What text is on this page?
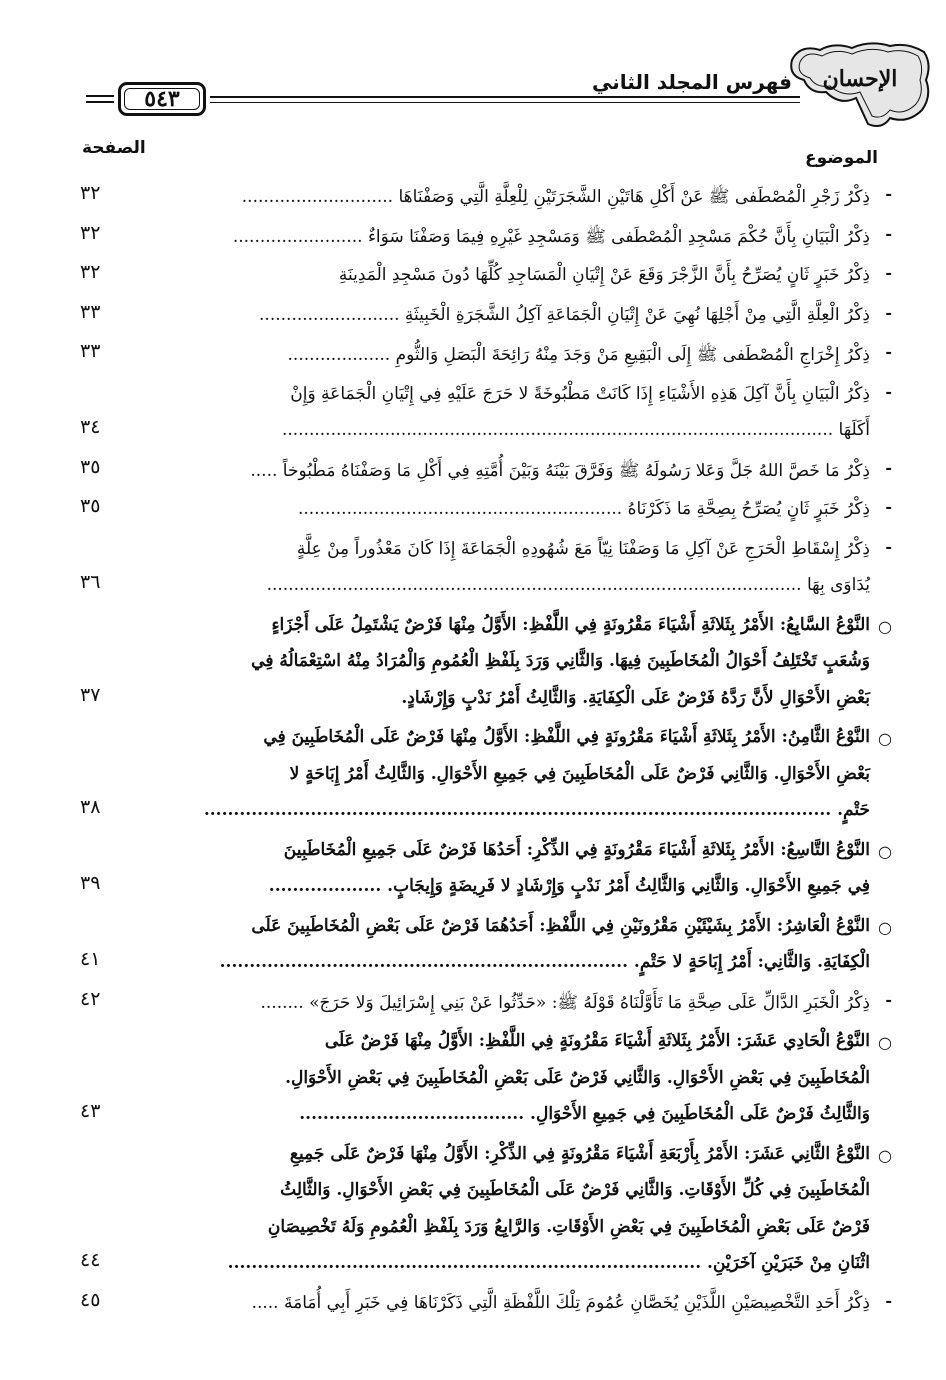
الإحسان
فهرس المجلد الثاني
٥٤٣
الصفحة	الموضوع
-
ذِكْرُ زَجْرِ الْمُصْطَفى ﷺ عَنْ أَكْلِ هَاتَيْنِ الشَّجَرَتَيْنِ لِلْعِلَّةِ الَّتِي وَصَفْنَاهَا ............................
٣٢
-
ذِكْرُ الْبَيَانِ بِأَنَّ حُكْمَ مَسْجِدِ الْمُصْطَفى ﷺ وَمَسْجِدِ غَيْرِهِ فِيمَا وَصَفْنَا سَوَاءٌ ........................
٣٢
-
ذِكْرُ خَبَرٍ ثَانٍ يُصَرِّحُ بِأَنَّ الزَّجْرَ وَقَعَ عَنْ إِتْيَانِ الْمَسَاجِدِ كُلِّهَا دُونَ مَسْجِدِ الْمَدِينَةِ
٣٢
-
ذِكْرُ الْعِلَّةِ الَّتِي مِنْ أَجْلِهَا نُهِيَ عَنْ إِتْيَانِ الْجَمَاعَةِ آكِلُ الشَّجَرَةِ الْخَبِيثَةِ ..........................
٣٣
-
ذِكْرُ إِخْرَاجِ الْمُصْطَفى ﷺ إِلَى الْبَقِيعِ مَنْ وَجَدَ مِنْهُ رَائِحَةَ الْبَصَلِ وَالثُّومِ ...................
٣٣
-
ذِكْرُ الْبَيَانِ بِأَنَّ آكِلَ هَذِهِ الأَشْيَاءِ إِذَا كَانَتْ مَطْبُوخَةً لا حَرَجَ عَلَيْهِ فِي إِتْيَانِ الْجَمَاعَةِ وَإِنْ
أَكَلَهَا ......................................................................................................
٣٤
-
ذِكْرُ مَا خَصَّ اللهُ جَلَّ وَعَلا رَسُولَهُ ﷺ وَفَرَّقَ بَيْنَهُ وَبَيْنَ أُمَّتِهِ فِي أَكْلِ مَا وَصَفْنَاهُ مَطْبُوخاً .....
٣٥
-
ذِكْرُ خَبَرٍ ثَانٍ يُصَرِّحُ بِصِحَّةِ مَا ذَكَرْنَاهُ ............................................................
٣٥
-
ذِكْرُ إِسْقَاطِ الْحَرَجِ عَنْ آكِلِ مَا وَصَفْنَا نِيّاً مَعَ شُهُودِهِ الْجَمَاعَةَ إِذَا كَانَ مَعْذُوراً مِنْ عِلَّةٍ
يُدَاوَى بِهَا ...................................................................................................
٣٦
○
النَّوْعُ السَّابِعُ: الأَمْرُ بِثَلاثَةِ أَشْيَاءَ مَقْرُونَةٍ فِي اللَّفْظِ: الأَوَّلُ مِنْهَا فَرْضٌ يَشْتَمِلُ عَلَى أَجْزَاءٍ
وَشُعَبٍ تَخْتَلِفُ أَحْوَالُ الْمُخَاطَبِينَ فِيهَا. وَالثَّانِي وَرَدَ بِلَفْظِ الْعُمُومِ وَالْمُرَادُ مِنْهُ اسْتِعْمَالُهُ فِي
بَعْضِ الأَحْوَالِ لأَنَّ رَدَّهُ فَرْضٌ عَلَى الْكِفَايَةِ. وَالثَّالِثُ أَمْرُ نَدْبٍ وَإِرْشَادٍ.
٣٧
○
النَّوْعُ الثَّامِنُ: الأَمْرُ بِثَلاثَةِ أَشْيَاءَ مَقْرُونَةٍ فِي اللَّفْظِ: الأَوَّلُ مِنْهَا فَرْضٌ عَلَى الْمُخَاطَبِينَ فِي
بَعْضِ الأَحْوَالِ. وَالثَّانِي فَرْضٌ عَلَى الْمُخَاطَبِينَ فِي جَمِيعِ الأَحْوَالِ. وَالثَّالِثُ أَمْرُ إِبَاحَةٍ لا
حَتْمٍ. ..........................................................................................................
٣٨
○
النَّوْعُ التَّاسِعُ: الأَمْرُ بِثَلاثَةِ أَشْيَاءَ مَقْرُونَةٍ فِي الذِّكْرِ: أَحَدُهَا فَرْضٌ عَلَى جَمِيعِ الْمُخَاطَبِينَ
فِي جَمِيعِ الأَحْوَالِ. وَالثَّانِي وَالثَّالِثُ أَمْرُ نَدْبٍ وَإِرْشَادٍ لا فَرِيضَةٍ وَإِيجَابٍ. ...................
٣٩
○
النَّوْعُ الْعَاشِرُ: الأَمْرُ بِشَيْئَيْنِ مَقْرُونَيْنِ فِي اللَّفْظِ: أَحَدُهُمَا فَرْضٌ عَلَى بَعْضِ الْمُخَاطَبِينَ عَلَى
الْكِفَايَةِ. وَالثَّانِي: أَمْرُ إِبَاحَةٍ لا حَتْمٍ. .....................................................................
٤١
-
ذِكْرُ الْخَبَرِ الدَّالِّ عَلَى صِحَّةِ مَا تَأَوَّلْنَاهُ قَوْلَهُ ﷺ: «حَدِّثُوا عَنْ بَنِي إِسْرَائِيلَ وَلا حَرَجَ» ........
٤٢
○
النَّوْعُ الْحَادِي عَشَرَ: الأَمْرُ بِثَلاثَةِ أَشْيَاءَ مَقْرُونَةٍ فِي اللَّفْظِ: الأَوَّلُ مِنْهَا فَرْضٌ عَلَى
الْمُخَاطَبِينَ فِي بَعْضِ الأَحْوَالِ. وَالثَّانِي فَرْضٌ عَلَى بَعْضِ الْمُخَاطَبِينَ فِي بَعْضِ الأَحْوَالِ.
وَالثَّالِثُ فَرْضٌ عَلَى الْمُخَاطَبِينَ فِي جَمِيعِ الأَحْوَالِ. ......................................
٤٣
○
النَّوْعُ الثَّانِي عَشَرَ: الأَمْرُ بِأَرْبَعَةِ أَشْيَاءَ مَقْرُونَةٍ فِي الذِّكْرِ: الأَوَّلُ مِنْهَا فَرْضٌ عَلَى جَمِيعِ
الْمُخَاطَبِينَ فِي كُلِّ الأَوْقَاتِ. وَالثَّانِي فَرْضٌ عَلَى الْمُخَاطَبِينَ فِي بَعْضِ الأَحْوَالِ. وَالثَّالِثُ
فَرْضٌ عَلَى بَعْضِ الْمُخَاطَبِينَ فِي بَعْضِ الأَوْقَاتِ. وَالرَّابِعُ وَرَدَ بِلَفْظِ الْعُمُومِ وَلَهُ تَخْصِيصَانِ
اثْنَانِ مِنْ خَبَرَيْنِ آخَرَيْنِ. ................................................................................
٤٤
-
ذِكْرُ أَحَدِ التَّخْصِيصَيْنِ اللَّذَيْنِ يُخَصَّانِ عُمُومَ تِلْكَ اللَّفْظَةِ الَّتِي ذَكَرْنَاهَا فِي خَبَرِ أَبِي أُمَامَةَ .....
٤٥
